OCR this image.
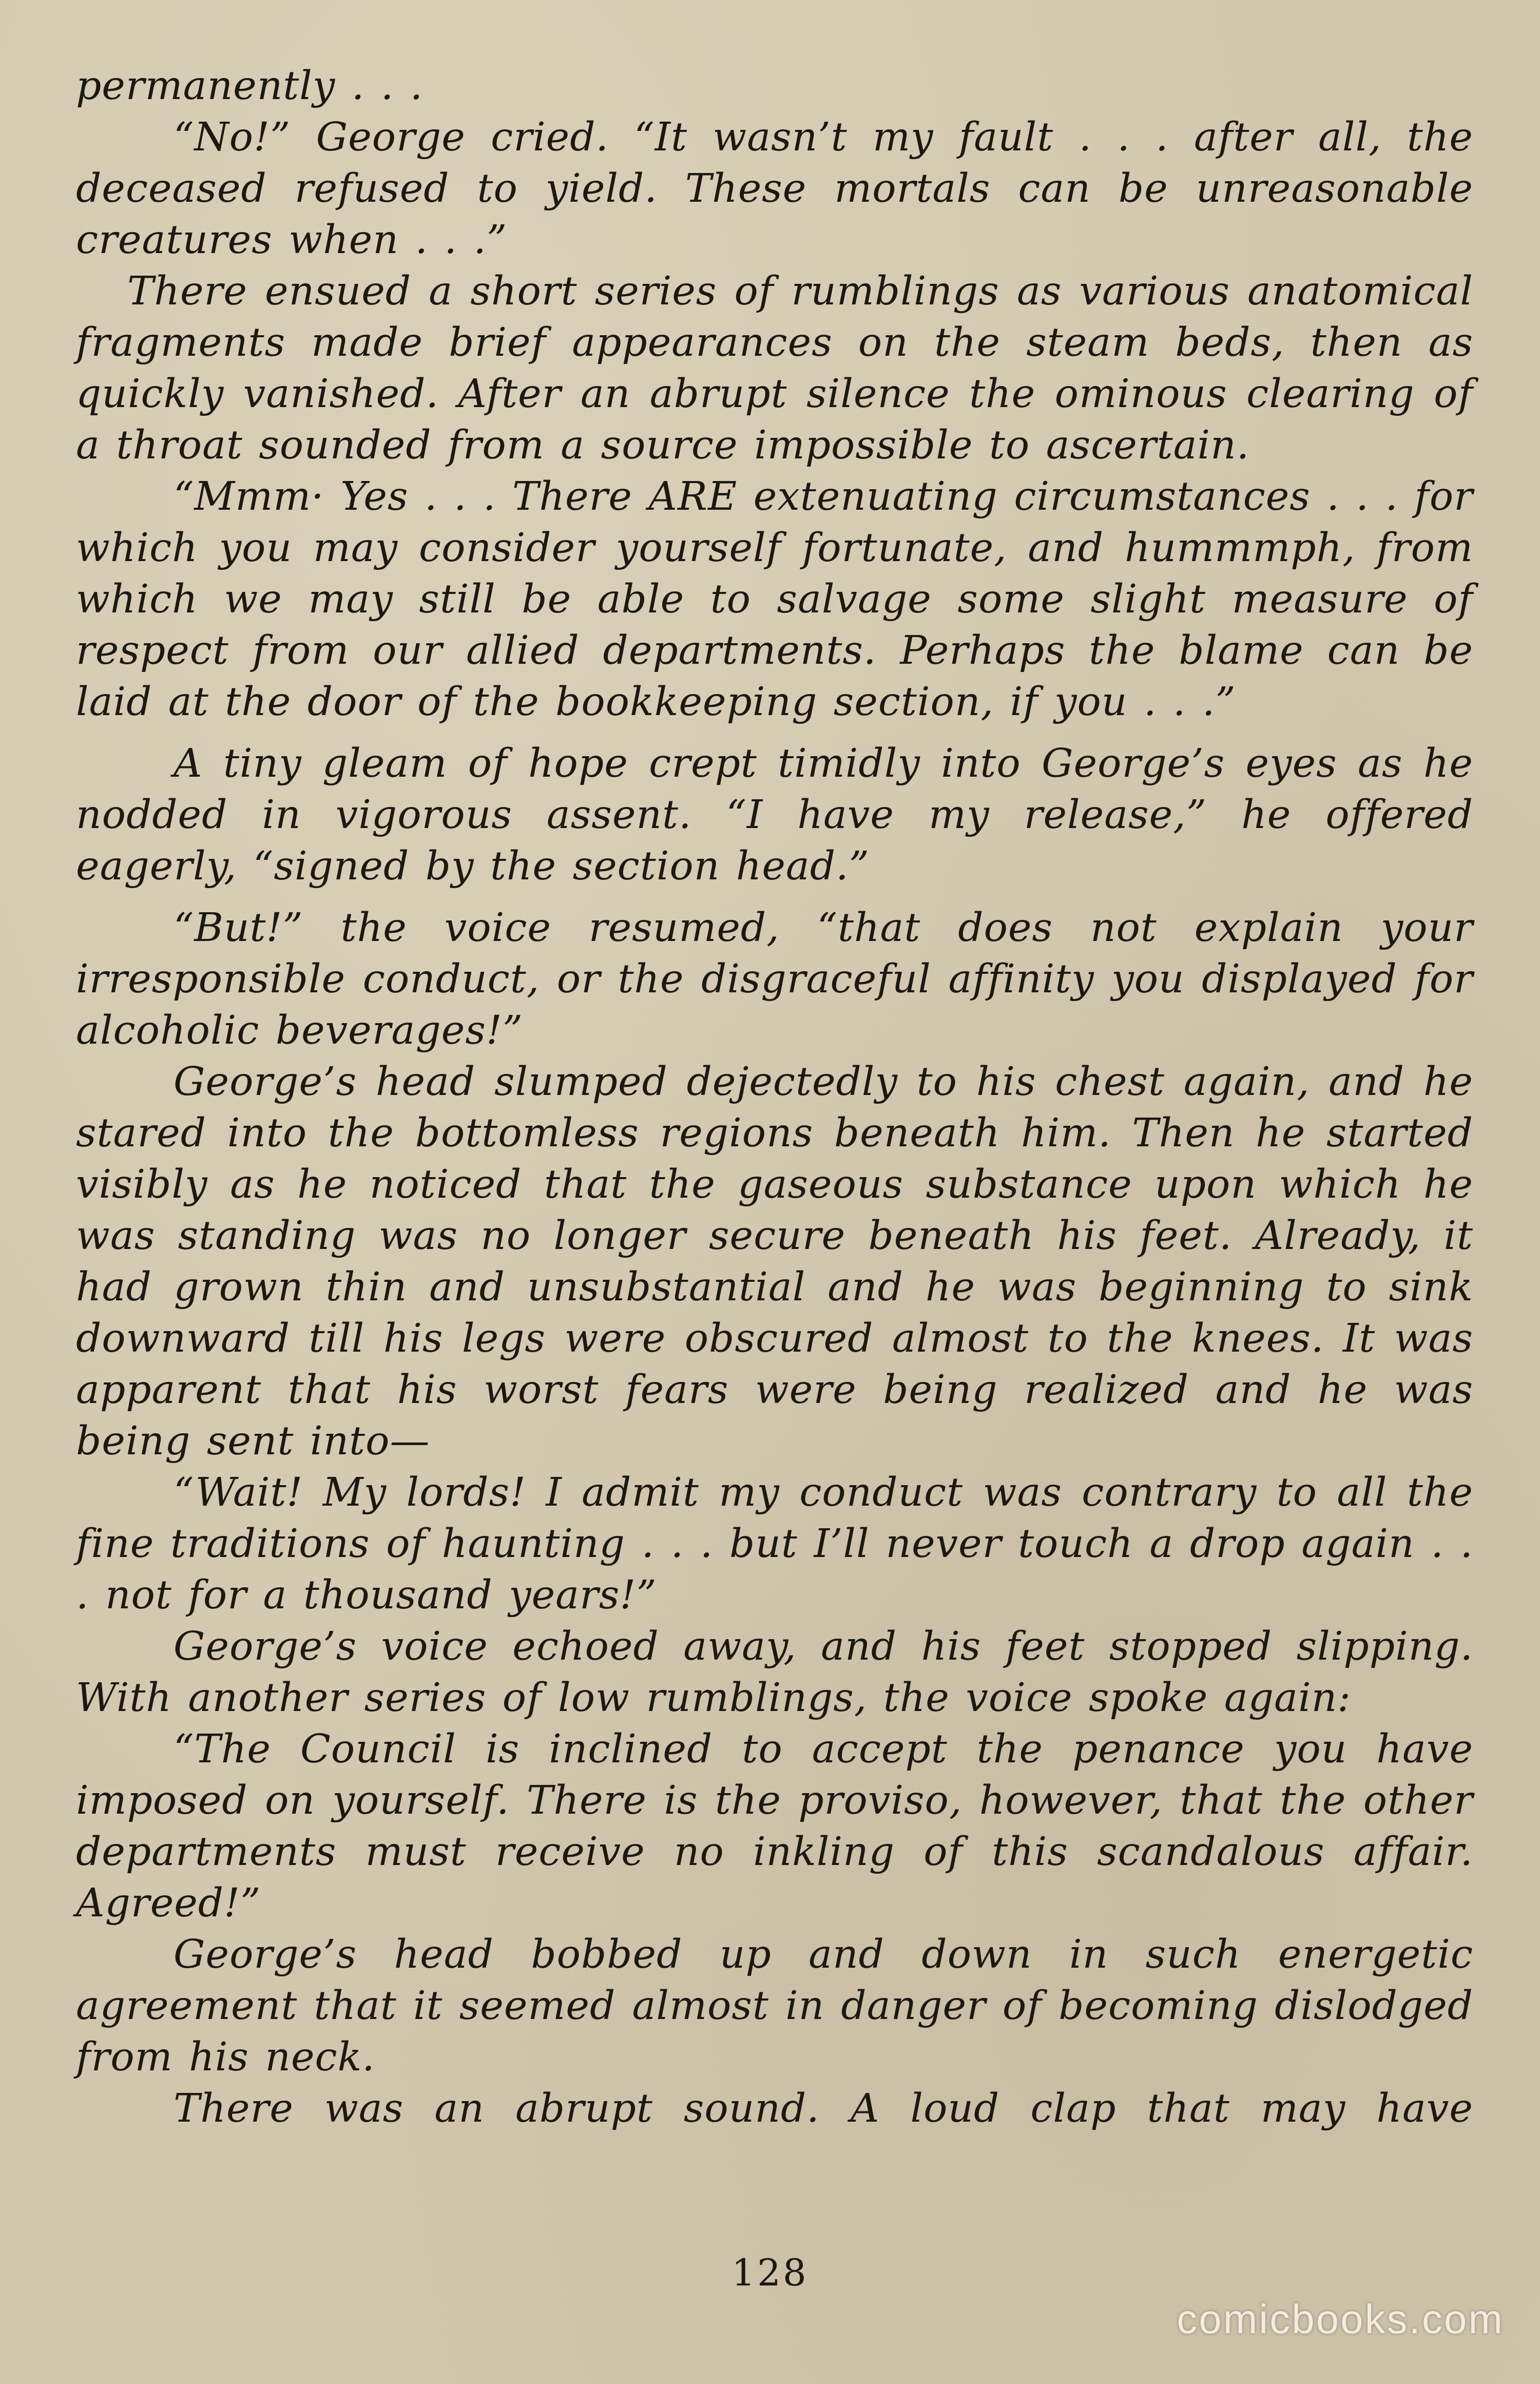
permanently . . .

“No!” George cried. “It wasn’t my fault . . . after all, the deceased refused to yield. These mortals can be unreasonable creatures when . . .”

There ensued a short series of rumblings as various anatomical fragments made brief appearances on the steam beds, then as quickly vanished. After an abrupt silence the ominous clearing of a throat sounded from a source impossible to ascertain.

“Mmm· Yes . . . There ARE extenuating circumstances . . . for which you may consider yourself fortunate, and hummmph, from which we may still be able to salvage some slight measure of respect from our allied departments. Perhaps the blame can be laid at the door of the bookkeeping section, if you . . .”

A tiny gleam of hope crept timidly into George’s eyes as he nodded in vigorous assent. “I have my release,” he offered eagerly, “signed by the section head.”

“But!” the voice resumed, “that does not explain your irresponsible conduct, or the disgraceful affinity you displayed for alcoholic beverages!”

George’s head slumped dejectedly to his chest again, and he stared into the bottomless regions beneath him. Then he started visibly as he noticed that the gaseous substance upon which he was standing was no longer secure beneath his feet. Already, it had grown thin and unsubstantial and he was beginning to sink downward till his legs were obscured almost to the knees. It was apparent that his worst fears were being realized and he was being sent into—

“Wait! My lords! I admit my conduct was contrary to all the fine traditions of haunting . . . but I’ll never touch a drop again . . . not for a thousand years!”

George’s voice echoed away, and his feet stopped slipping. With another series of low rumblings, the voice spoke again:

“The Council is inclined to accept the penance you have imposed on yourself. There is the proviso, however, that the other departments must receive no inkling of this scandalous affair. Agreed!”

George’s head bobbed up and down in such energetic agreement that it seemed almost in danger of becoming dislodged from his neck.

There was an abrupt sound. A loud clap that may have

128
comicbooks.com
